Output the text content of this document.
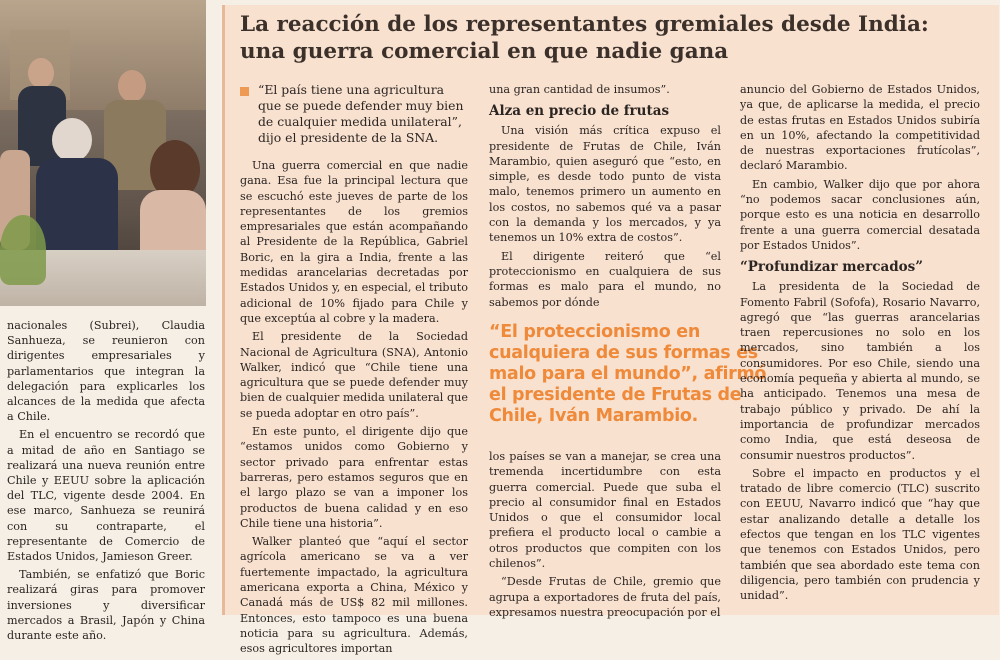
nacionales (Subrei), Claudia Sanhueza, se reunieron con dirigentes empresariales y parlamentarios que integran la delegación para explicarles los alcances de la medida que afecta a Chile.

En el encuentro se recordó que a mitad de año en Santiago se realizará una nueva reunión entre Chile y EEUU sobre la aplicación del TLC, vigente desde 2004. En ese marco, Sanhueza se reunirá con su contraparte, el representante de Comercio de Estados Unidos, Jamieson Greer.

También, se enfatizó que Boric realizará giras para promover inversiones y diversificar mercados a Brasil, Japón y China durante este año.

La reacción de los representantes gremiales desde India: una guerra comercial en que nadie gana
“El país tiene una agricultura que se puede defender muy bien de cualquier medida unilateral”, dijo el presidente de la SNA.

Una guerra comercial en que nadie gana. Esa fue la principal lectura que se escuchó este jueves de parte de los representantes de los gremios empresariales que están acompañando al Presidente de la República, Gabriel Boric, en la gira a India, frente a las medidas arancelarias decretadas por Estados Unidos y, en especial, el tributo adicional de 10% fijado para Chile y que exceptúa al cobre y la madera.

El presidente de la Sociedad Nacional de Agricultura (SNA), Antonio Walker, indicó que “Chile tiene una agricultura que se puede defender muy bien de cualquier medida unilateral que se pueda adoptar en otro país”.

En este punto, el dirigente dijo que “estamos unidos como Gobierno y sector privado para enfrentar estas barreras, pero estamos seguros que en el largo plazo se van a imponer los productos de buena calidad y en eso Chile tiene una historia”.

Walker planteó que “aquí el sector agrícola americano se va a ver fuertemente impactado, la agricultura americana exporta a China, México y Canadá más de US$ 82 mil millones. Entonces, esto tampoco es una buena noticia para su agricultura. Además, esos agricultores importan

una gran cantidad de insumos”.

Alza en precio de frutas

Una visión más crítica expuso el presidente de Frutas de Chile, Iván Marambio, quien aseguró que “esto, en simple, es desde todo punto de vista malo, tenemos primero un aumento en los costos, no sabemos qué va a pasar con la demanda y los mercados, y ya tenemos un 10% extra de costos”.

El dirigente reiteró que “el proteccionismo en cualquiera de sus formas es malo para el mundo, no sabemos por dónde

“El proteccionismo en cualquiera de sus formas es malo para el mundo”, afirmó el presidente de Frutas de Chile, Iván Marambio.

los países se van a manejar, se crea una tremenda incertidumbre con esta guerra comercial. Puede que suba el precio al consumidor final en Estados Unidos o que el consumidor local prefiera el producto local o cambie a otros productos que compiten con los chilenos”.

“Desde Frutas de Chile, gremio que agrupa a exportadores de fruta del país, expresamos nuestra preocupación por el

anuncio del Gobierno de Estados Unidos, ya que, de aplicarse la medida, el precio de estas frutas en Estados Unidos subiría en un 10%, afectando la competitividad de nuestras exportaciones frutícolas”, declaró Marambio.

En cambio, Walker dijo que por ahora “no podemos sacar conclusiones aún, porque esto es una noticia en desarrollo frente a una guerra comercial desatada por Estados Unidos”.

“Profundizar mercados”

La presidenta de la Sociedad de Fomento Fabril (Sofofa), Rosario Navarro, agregó que “las guerras arancelarias traen repercusiones no solo en los mercados, sino también a los consumidores. Por eso Chile, siendo una economía pequeña y abierta al mundo, se ha anticipado. Tenemos una mesa de trabajo público y privado. De ahí la importancia de profundizar mercados como India, que está deseosa de consumir nuestros productos”.

Sobre el impacto en productos y el tratado de libre comercio (TLC) suscrito con EEUU, Navarro indicó que “hay que estar analizando detalle a detalle los efectos que tengan en los TLC vigentes que tenemos con Estados Unidos, pero también que sea abordado este tema con diligencia, pero también con prudencia y unidad”.
